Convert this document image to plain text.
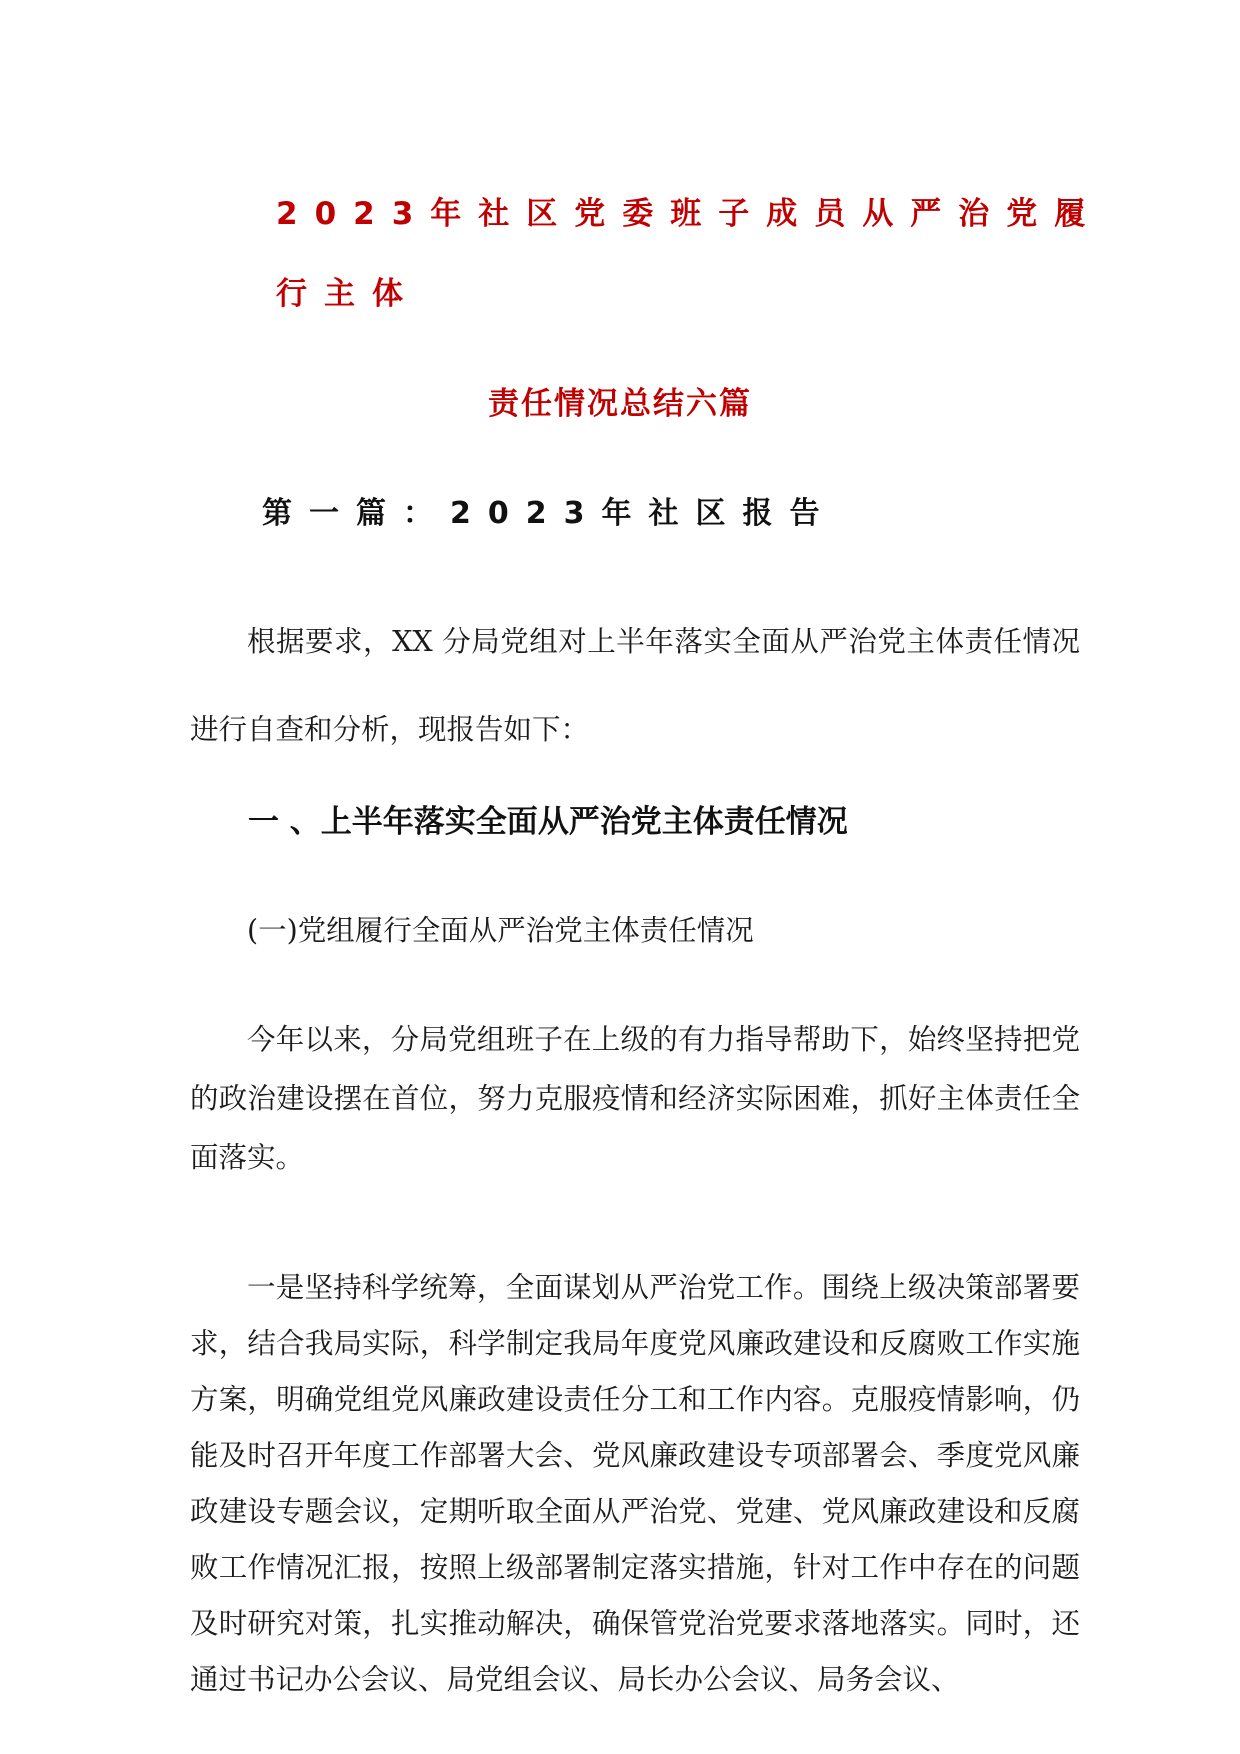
2023年社区党委班子成员从严治党履
行主体
责任情况总结六篇
第一篇：2023年社区报告

根据要求，XX 分局党组对上半年落实全面从严治党主体责任情况进行自查和分析，现报告如下：

一 、上半年落实全面从严治党主体责任情况

(一)党组履行全面从严治党主体责任情况

今年以来，分局党组班子在上级的有力指导帮助下，始终坚持把党的政治建设摆在首位，努力克服疫情和经济实际困难，抓好主体责任全面落实。

一是坚持科学统筹，全面谋划从严治党工作。围绕上级决策部署要求，结合我局实际，科学制定我局年度党风廉政建设和反腐败工作实施方案，明确党组党风廉政建设责任分工和工作内容。克服疫情影响，仍能及时召开年度工作部署大会、党风廉政建设专项部署会、季度党风廉政建设专题会议，定期听取全面从严治党、党建、党风廉政建设和反腐败工作情况汇报，按照上级部署制定落实措施，针对工作中存在的问题及时研究对策，扎实推动解决，确保管党治党要求落地落实。同时，还通过书记办公会议、局党组会议、局长办公会议、局务会议、
